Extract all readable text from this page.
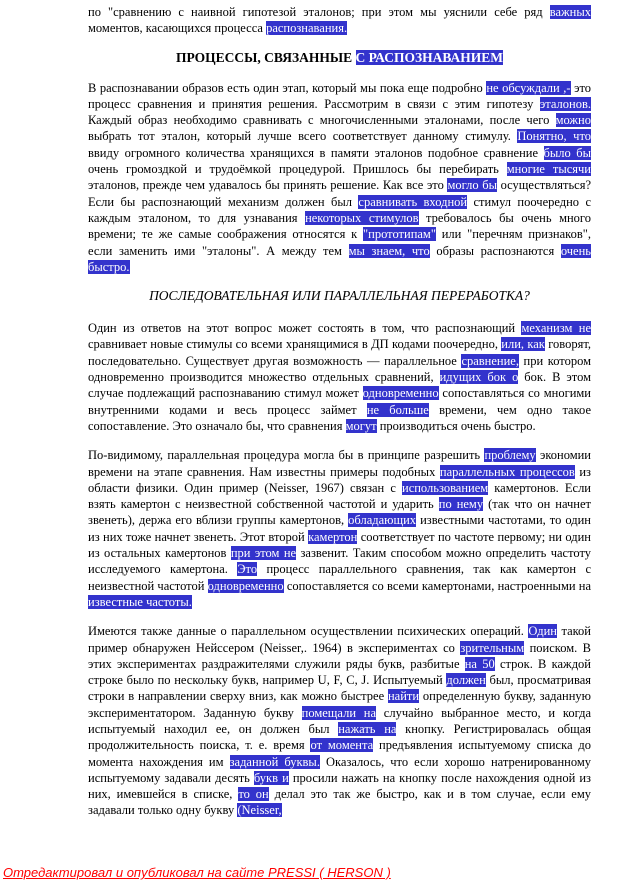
по "сравнению с наивной гипотезой эталонов; при этом мы уяснили себе ряд важных моментов, касающихся процесса распознавания.

ПРОЦЕССЫ, СВЯЗАННЫЕ С РАСПОЗНАВАНИЕМ

В распознавании образов есть один этап, который мы пока еще подробно не обсуждали ,- это процесс сравнения и принятия решения. Рассмотрим в связи с этим гипотезу эталонов. Каждый образ необходимо сравнивать с многочисленными эталонами, после чего можно выбрать тот эталон, который лучше всего соответствует данному стимулу. Понятно, что ввиду огромного количества хранящихся в памяти эталонов подобное сравнение было бы очень громоздкой и трудоёмкой процедурой. Пришлось бы перебирать многие тысячи эталонов, прежде чем удавалось бы принять решение. Как все это могло бы осуществляться? Если бы распознающий механизм должен был сравнивать входной стимул поочередно с каждым эталоном, то для узнавания некоторых стимулов требовалось бы очень много времени; те же самые соображения относятся к "прототипам" или "перечням признаков", если заменить ими "эталоны". А между тем мы знаем, что образы распознаются очень быстро.

ПОСЛЕДОВАТЕЛЬНАЯ ИЛИ ПАРАЛЛЕЛЬНАЯ ПЕРЕРАБОТКА?

Один из ответов на этот вопрос может состоять в том, что распознающий механизм не сравнивает новые стимулы со всеми хранящимися в ДП кодами поочередно, или, как говорят, последовательно. Существует другая возможность — параллельное сравнение, при котором одновременно производится множество отдельных сравнений, идущих бок о бок. В этом случае подлежащий распознаванию стимул может одновременно сопоставляться со многими внутренними кодами и весь процесс займет не больше времени, чем одно такое сопоставление. Это означало бы, что сравнения могут производиться очень быстро.

По-видимому, параллельная процедура могла бы в принципе разрешить проблему экономии времени на этапе сравнения. Нам известны примеры подобных параллельных процессов из области физики. Один пример (Neisser, 1967) связан с использованием камертонов. Если взять камертон с неизвестной собственной частотой и ударить по нему (так что он начнет звенеть), держа его вблизи группы камертонов, обладающих известными частотами, то один из них тоже начнет звенеть. Этот второй камертон соответствует по частоте первому; ни один из остальных камертонов при этом не зазвенит. Таким способом можно определить частоту исследуемого камертона. Это процесс параллельного сравнения, так как камертон с неизвестной частотой одновременно сопоставляется со всеми камертонами, настроенными на известные частоты.

Имеются также данные о параллельном осуществлении психических операций. Один такой пример обнаружен Нейссером (Neisser,. 1964) в экспериментах со зрительным поиском. В этих экспериментах раздражителями служили ряды букв, разбитые на 50 строк. В каждой строке было по нескольку букв, например U, F, C, J. Испытуемый должен был, просматривая строки в направлении сверху вниз, как можно быстрее найти определенную букву, заданную экспериментатором. Заданную букву помещали на случайно выбранное место, и когда испытуемый находил ее, он должен был нажать на кнопку. Регистрировалась общая продолжительность поиска, т. е. время от момента предъявления испытуемому списка до момента нахождения им заданной буквы. Оказалось, что если хорошо натренированному испытуемому задавали десять букв и просили нажать на кнопку после нахождения одной из них, имевшейся в списке, то он делал это так же быстро, как и в том случае, если ему задавали только одну букву (Neisser,

Отредактировал и опубликовал на сайте PRESSI ( HERSON )
